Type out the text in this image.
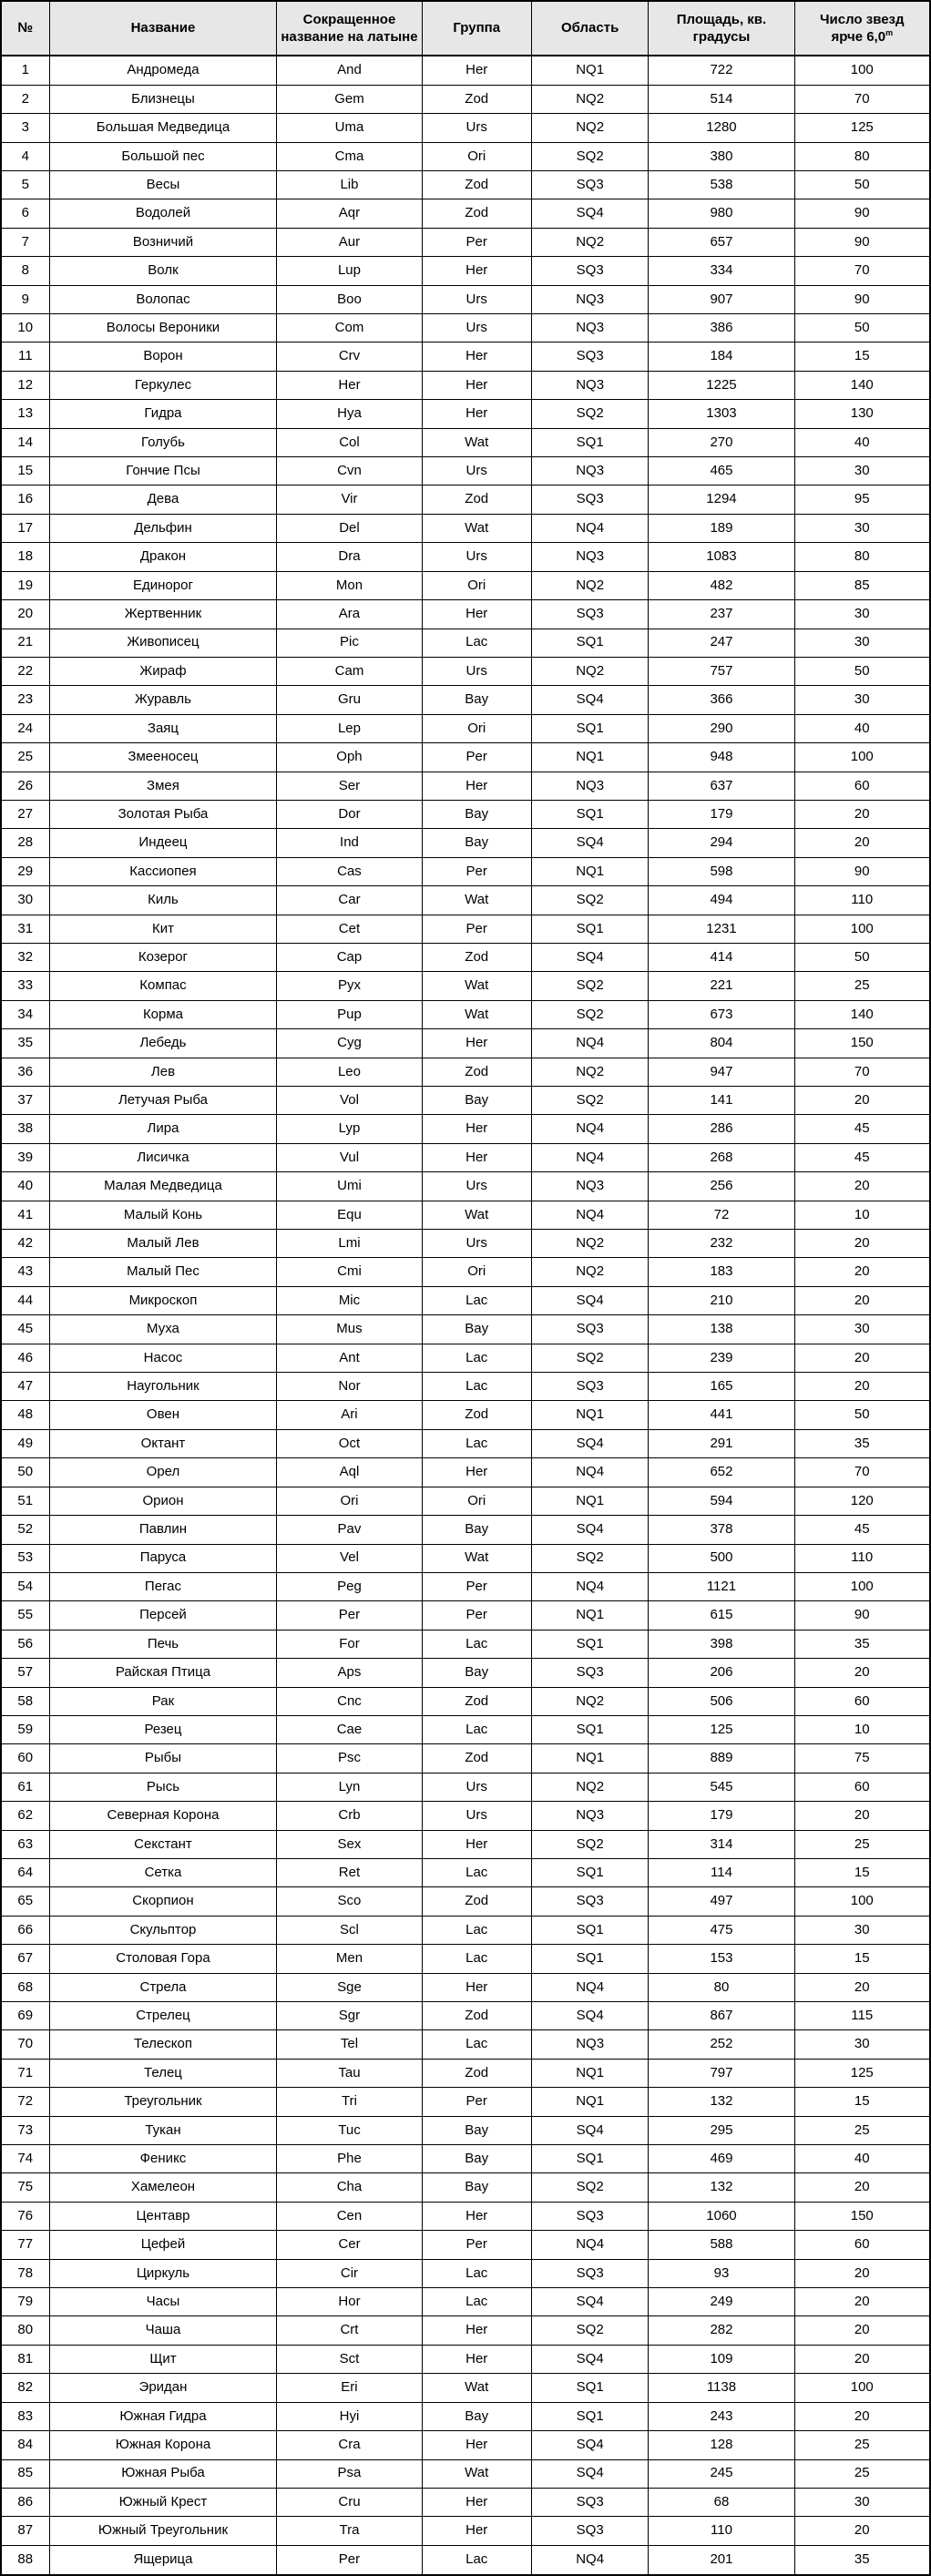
№	Название	Сокращенное название на латыне	Группа	Область	Площадь, кв. градусы	Число звезд
ярче 6,0$^m$
1	Андромеда	And	Her	NQ1	722	100
2	Близнецы	Gem	Zod	NQ2	514	70
3	Большая Медведица	Uma	Urs	NQ2	1280	125
4	Большой пес	Cma	Ori	SQ2	380	80
5	Весы	Lib	Zod	SQ3	538	50
6	Водолей	Aqr	Zod	SQ4	980	90
7	Возничий	Aur	Per	NQ2	657	90
8	Волк	Lup	Her	SQ3	334	70
9	Волопас	Boo	Urs	NQ3	907	90
10	Волосы Вероники	Com	Urs	NQ3	386	50
11	Ворон	Crv	Her	SQ3	184	15
12	Геркулес	Her	Her	NQ3	1225	140
13	Гидра	Hya	Her	SQ2	1303	130
14	Голубь	Col	Wat	SQ1	270	40
15	Гончие Псы	Cvn	Urs	NQ3	465	30
16	Дева	Vir	Zod	SQ3	1294	95
17	Дельфин	Del	Wat	NQ4	189	30
18	Дракон	Dra	Urs	NQ3	1083	80
19	Единорог	Mon	Ori	NQ2	482	85
20	Жертвенник	Ara	Her	SQ3	237	30
21	Живописец	Pic	Lac	SQ1	247	30
22	Жираф	Cam	Urs	NQ2	757	50
23	Журавль	Gru	Bay	SQ4	366	30
24	Заяц	Lep	Ori	SQ1	290	40
25	Змееносец	Oph	Per	NQ1	948	100
26	Змея	Ser	Her	NQ3	637	60
27	Золотая Рыба	Dor	Bay	SQ1	179	20
28	Индеец	Ind	Bay	SQ4	294	20
29	Кассиопея	Cas	Per	NQ1	598	90
30	Киль	Car	Wat	SQ2	494	110
31	Кит	Cet	Per	SQ1	1231	100
32	Козерог	Cap	Zod	SQ4	414	50
33	Компас	Pyx	Wat	SQ2	221	25
34	Корма	Pup	Wat	SQ2	673	140
35	Лебедь	Cyg	Her	NQ4	804	150
36	Лев	Leo	Zod	NQ2	947	70
37	Летучая Рыба	Vol	Bay	SQ2	141	20
38	Лира	Lyp	Her	NQ4	286	45
39	Лисичка	Vul	Her	NQ4	268	45
40	Малая Медведица	Umi	Urs	NQ3	256	20
41	Малый Конь	Equ	Wat	NQ4	72	10
42	Малый Лев	Lmi	Urs	NQ2	232	20
43	Малый Пес	Cmi	Ori	NQ2	183	20
44	Микроскоп	Mic	Lac	SQ4	210	20
45	Муха	Mus	Bay	SQ3	138	30
46	Насос	Ant	Lac	SQ2	239	20
47	Наугольник	Nor	Lac	SQ3	165	20
48	Овен	Ari	Zod	NQ1	441	50
49	Октант	Oct	Lac	SQ4	291	35
50	Орел	Aql	Her	NQ4	652	70
51	Орион	Ori	Ori	NQ1	594	120
52	Павлин	Pav	Bay	SQ4	378	45
53	Паруса	Vel	Wat	SQ2	500	110
54	Пегас	Peg	Per	NQ4	1121	100
55	Персей	Per	Per	NQ1	615	90
56	Печь	For	Lac	SQ1	398	35
57	Райская Птица	Aps	Bay	SQ3	206	20
58	Рак	Cnc	Zod	NQ2	506	60
59	Резец	Cae	Lac	SQ1	125	10
60	Рыбы	Psc	Zod	NQ1	889	75
61	Рысь	Lyn	Urs	NQ2	545	60
62	Северная Корона	Crb	Urs	NQ3	179	20
63	Секстант	Sex	Her	SQ2	314	25
64	Сетка	Ret	Lac	SQ1	114	15
65	Скорпион	Sco	Zod	SQ3	497	100
66	Скульптор	Scl	Lac	SQ1	475	30
67	Столовая Гора	Men	Lac	SQ1	153	15
68	Стрела	Sge	Her	NQ4	80	20
69	Стрелец	Sgr	Zod	SQ4	867	115
70	Телескоп	Tel	Lac	NQ3	252	30
71	Телец	Tau	Zod	NQ1	797	125
72	Треугольник	Tri	Per	NQ1	132	15
73	Тукан	Tuc	Bay	SQ4	295	25
74	Феникс	Phe	Bay	SQ1	469	40
75	Хамелеон	Cha	Bay	SQ2	132	20
76	Центавр	Cen	Her	SQ3	1060	150
77	Цефей	Cer	Per	NQ4	588	60
78	Циркуль	Cir	Lac	SQ3	93	20
79	Часы	Hor	Lac	SQ4	249	20
80	Чаша	Crt	Her	SQ2	282	20
81	Щит	Sct	Her	SQ4	109	20
82	Эридан	Eri	Wat	SQ1	1138	100
83	Южная Гидра	Hyi	Bay	SQ1	243	20
84	Южная Корона	Cra	Her	SQ4	128	25
85	Южная Рыба	Psa	Wat	SQ4	245	25
86	Южный Крест	Cru	Her	SQ3	68	30
87	Южный Треугольник	Tra	Her	SQ3	110	20
88	Ящерица	Per	Lac	NQ4	201	35
